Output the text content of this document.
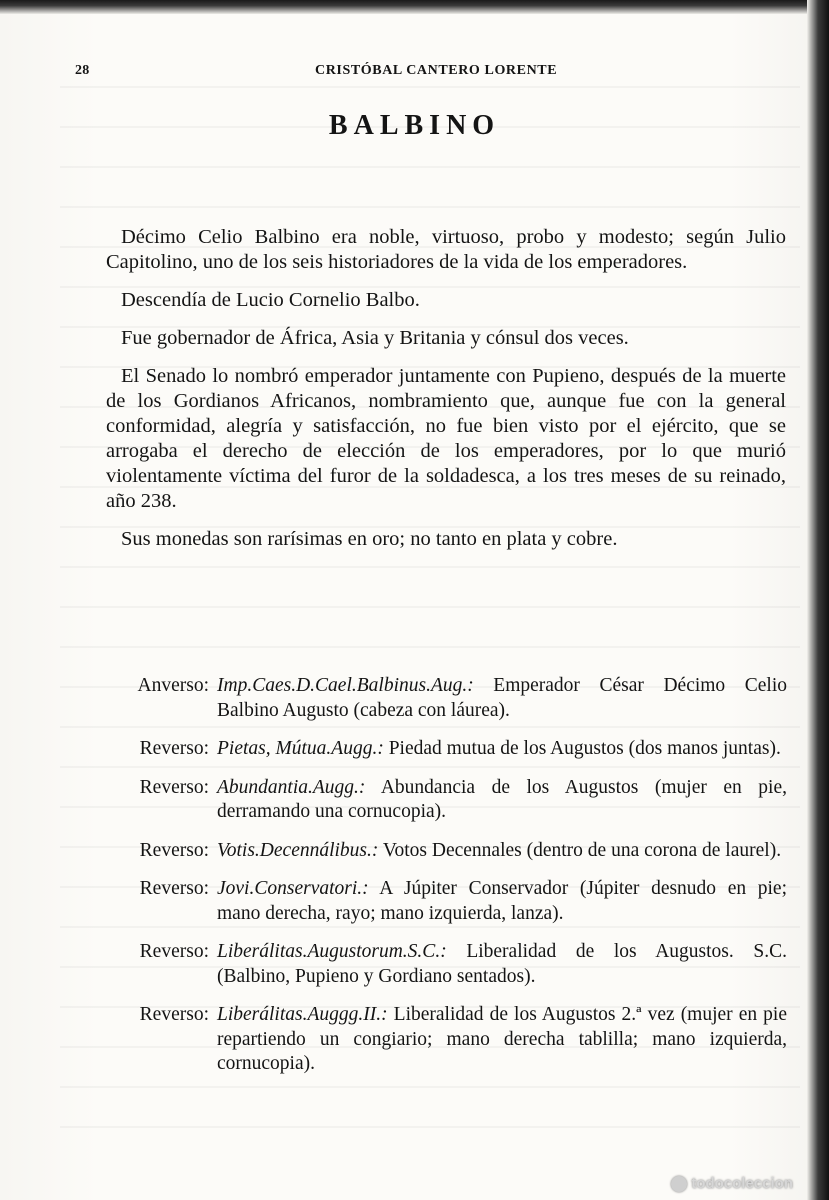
28	CRISTÓBAL CANTERO LORENTE
BALBINO

Décimo Celio Balbino era noble, virtuoso, probo y modesto; según Julio Capitolino, uno de los seis historiadores de la vida de los emperadores.

Descendía de Lucio Cornelio Balbo.

Fue gobernador de África, Asia y Britania y cónsul dos veces.

El Senado lo nombró emperador juntamente con Pupieno, después de la muerte de los Gordianos Africanos, nombramiento que, aunque fue con la general conformidad, alegría y satisfacción, no fue bien visto por el ejército, que se arrogaba el derecho de elección de los emperadores, por lo que murió violentamente víctima del furor de la soldadesca, a los tres meses de su reinado, año 238.

Sus monedas son rarísimas en oro; no tanto en plata y cobre.

Anverso: Imp.Caes.D.Cael.Balbinus.Aug.: Emperador César Décimo Celio Balbino Augusto (cabeza con láurea).
Reverso: Pietas, Mútua.Augg.: Piedad mutua de los Augustos (dos manos juntas).
Reverso: Abundantia.Augg.: Abundancia de los Augustos (mujer en pie, derramando una cornucopia).
Reverso: Votis.Decennálibus.: Votos Decennales (dentro de una corona de laurel).
Reverso: Jovi.Conservatori.: A Júpiter Conservador (Júpiter desnudo en pie; mano derecha, rayo; mano izquierda, lanza).
Reverso: Liberálitas.Augustorum.S.C.: Liberalidad de los Augustos. S.C. (Balbino, Pupieno y Gordiano sentados).
Reverso: Liberálitas.Auggg.II.: Liberalidad de los Augustos 2.ª vez (mujer en pie repartiendo un congiario; mano derecha tablilla; mano izquierda, cornucopia).
todocoleccion
